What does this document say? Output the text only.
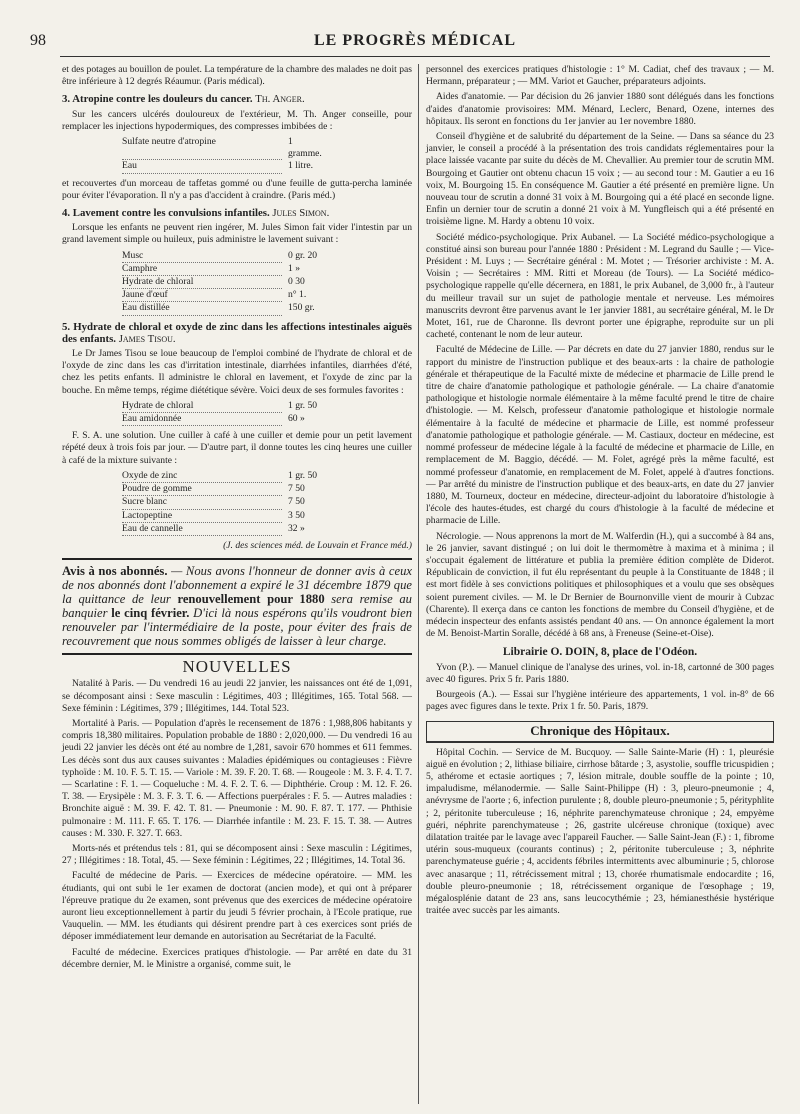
98	LE PROGRÈS MÉDICAL

et des potages au bouillon de poulet. La température de la chambre des malades ne doit pas être inférieure à 12 degrés Réaumur. (Paris médical).

3. Atropine contre les douleurs du cancer. Th. Anger.

Sur les cancers ulcérés douloureux de l'extérieur, M. Th. Anger conseille, pour remplacer les injections hypodermiques, des compresses imbibées de :

Sulfate neutre d'atropine	1 gramme.
Eau	1 litre.

et recouvertes d'un morceau de taffetas gommé ou d'une feuille de gutta-percha laminée pour éviter l'évaporation. Il n'y a pas d'accident à craindre. (Paris méd.)

4. Lavement contre les convulsions infantiles. Jules Simon.

Lorsque les enfants ne peuvent rien ingérer, M. Jules Simon fait vider l'intestin par un grand lavement simple ou huileux, puis administre le lavement suivant :

Musc	0 gr. 20
Camphre	1 »
Hydrate de chloral	0 30
Jaune d'œuf	n° 1.
Eau distillée	150 gr.
5. Hydrate de chloral et oxyde de zinc dans les affections intestinales aiguës des enfants. James Tisou.

Le Dr James Tisou se loue beaucoup de l'emploi combiné de l'hydrate de chloral et de l'oxyde de zinc dans les cas d'irritation intestinale, diarrhées infantiles, diarrhées d'été, chez les petits enfants. Il administre le chloral en lavement, et l'oxyde de zinc par la bouche. En même temps, régime diététique sévère. Voici deux de ses formules favorites :

Hydrate de chloral	1 gr. 50
Eau amidonnée	60 »

F. S. A. une solution. Une cuiller à café à une cuiller et demie pour un petit lavement répété deux à trois fois par jour. — D'autre part, il donne toutes les cinq heures une cuiller à café de la mixture suivante :

Oxyde de zinc	1 gr. 50
Poudre de gomme	7 50
Sucre blanc	7 50
Lactopeptine	3 50
Eau de cannelle	32 »
(J. des sciences méd. de Louvain et France méd.)
Avis à nos abonnés. — Nous avons l'honneur de donner avis à ceux de nos abonnés dont l'abonnement a expiré le 31 décembre 1879 que la quittance de leur renouvellement pour 1880 sera remise au banquier le cinq février. D'ici là nous espérons qu'ils voudront bien renouveler par l'intermédiaire de la poste, pour éviter des frais de recouvrement que nous sommes obligés de laisser à leur charge.
NOUVELLES

Natalité à Paris. — Du vendredi 16 au jeudi 22 janvier, les naissances ont été de 1,091, se décomposant ainsi : Sexe masculin : Légitimes, 403 ; Illégitimes, 165. Total 568. — Sexe féminin : Légitimes, 379 ; Illégitimes, 144. Total 523.

Mortalité à Paris. — Population d'après le recensement de 1876 : 1,988,806 habitants y compris 18,380 militaires. Population probable de 1880 : 2,020,000. — Du vendredi 16 au jeudi 22 janvier les décès ont été au nombre de 1,281, savoir 670 hommes et 611 femmes. Les décès sont dus aux causes suivantes : Maladies épidémiques ou contagieuses : Fièvre typhoïde : M. 10. F. 5. T. 15. — Variole : M. 39. F. 20. T. 68. — Rougeole : M. 3. F. 4. T. 7. — Scarlatine : F. 1. — Coqueluche : M. 4. F. 2. T. 6. — Diphthérie. Croup : M. 12. F. 26. T. 38. — Erysipèle : M. 3. F. 3. T. 6. — Affections puerpérales : F. 5. — Autres maladies : Bronchite aiguë : M. 39. F. 42. T. 81. — Pneumonie : M. 90. F. 87. T. 177. — Phthisie pulmonaire : M. 111. F. 65. T. 176. — Diarrhée infantile : M. 23. F. 15. T. 38. — Autres causes : M. 330. F. 327. T. 663.

Morts-nés et prétendus tels : 81, qui se décomposent ainsi : Sexe masculin : Légitimes, 27 ; Illégitimes : 18. Total, 45. — Sexe féminin : Légitimes, 22 ; Illégitimes, 14. Total 36.

Faculté de médecine de Paris. — Exercices de médecine opératoire. — MM. les étudiants, qui ont subi le 1er examen de doctorat (ancien mode), et qui ont à préparer l'épreuve pratique du 2e examen, sont prévenus que des exercices de médecine opératoire auront lieu exceptionnellement à partir du jeudi 5 février prochain, à l'Ecole pratique, rue Vauquelin. — MM. les étudiants qui désirent prendre part à ces exercices sont priés de déposer immédiatement leur demande en autorisation au Secrétariat de la Faculté.

Faculté de médecine. Exercices pratiques d'histologie. — Par arrêté en date du 31 décembre dernier, M. le Ministre a organisé, comme suit, le

personnel des exercices pratiques d'histologie : 1° M. Cadiat, chef des travaux ; — M. Hermann, préparateur ; — MM. Variot et Gaucher, préparateurs adjoints.

Aides d'anatomie. — Par décision du 26 janvier 1880 sont délégués dans les fonctions d'aides d'anatomie provisoires: MM. Ménard, Leclerc, Benard, Ozene, internes des hôpitaux. Ils seront en fonctions du 1er janvier au 1er novembre 1880.

Conseil d'hygiène et de salubrité du département de la Seine. — Dans sa séance du 23 janvier, le conseil a procédé à la présentation des trois candidats réglementaires pour la place laissée vacante par suite du décès de M. Chevallier. Au premier tour de scrutin MM. Bourgoing et Gautier ont obtenu chacun 15 voix ; — au second tour : M. Gautier a eu 16 voix, M. Bourgoing 15. En conséquence M. Gautier a été présenté en première ligne. Un nouveau tour de scrutin a donné 31 voix à M. Bourgoing qui a été placé en seconde ligne. Enfin un dernier tour de scrutin a donné 21 voix à M. Yungfleisch qui a été présenté en troisième ligne. M. Hardy a obtenu 10 voix.

Société médico-psychologique. Prix Aubanel. — La Société médico-psychologique a constitué ainsi son bureau pour l'année 1880 : Président : M. Legrand du Saulle ; — Vice-Président : M. Luys ; — Secrétaire général : M. Motet ; — Trésorier archiviste : M. A. Voisin ; — Secrétaires : MM. Ritti et Moreau (de Tours). — La Société médico-psychologique rappelle qu'elle décernera, en 1881, le prix Aubanel, de 3,000 fr., à l'auteur du meilleur travail sur un sujet de pathologie mentale et nerveuse. Les mémoires manuscrits devront être parvenus avant le 1er janvier 1881, au secrétaire général, M. le Dr Motet, 161, rue de Charonne. Ils devront porter une épigraphe, reproduite sur un pli cacheté, contenant le nom de leur auteur.

Faculté de Médecine de Lille. — Par décrets en date du 27 janvier 1880, rendus sur le rapport du ministre de l'instruction publique et des beaux-arts : la chaire de pathologie générale et thérapeutique de la Faculté mixte de médecine et pharmacie de Lille prend le titre de chaire d'anatomie pathologique et pathologie générale. — La chaire d'anatomie pathologique et histologie normale élémentaire à la même faculté prend le titre de chaire d'histologie. — M. Kelsch, professeur d'anatomie pathologique et histologie normale élémentaire à la faculté de médecine et pharmacie de Lille, est nommé professeur d'anatomie pathologique et pathologie générale. — M. Castiaux, docteur en médecine, est nommé professeur de médecine légale à la faculté de médecine et pharmacie de Lille, en remplacement de M. Baggio, décédé. — M. Folet, agrégé près la même faculté, est nommé professeur d'anatomie, en remplacement de M. Folet, appelé à d'autres fonctions. — Par arrêté du ministre de l'instruction publique et des beaux-arts, en date du 27 janvier 1880, M. Tourneux, docteur en médecine, directeur-adjoint du laboratoire d'histologie à l'école des hautes-études, est chargé du cours d'histologie à la faculté de médecine et pharmacie de Lille.

Nécrologie. — Nous apprenons la mort de M. Walferdin (H.), qui a succombé à 84 ans, le 26 janvier, savant distingué ; on lui doit le thermomètre à maxima et à minima ; il s'occupait également de littérature et publia la première édition complète de Diderot. Républicain de conviction, il fut élu représentant du peuple à la Constituante de 1848 ; il est mort fidèle à ses convictions politiques et philosophiques et a voulu que ses obsèques soient purement civiles. — M. le Dr Bernier de Bournonville vient de mourir à Cubzac (Charente). Il exerça dans ce canton les fonctions de membre du Conseil d'hygiène, et de médecin inspecteur des enfants assistés pendant 40 ans. — On annonce également la mort de M. Benoist-Martin Soralle, décédé à 68 ans, à Freneuse (Seine-et-Oise).

Librairie O. DOIN, 8, place de l'Odéon.

Yvon (P.). — Manuel clinique de l'analyse des urines, vol. in-18, cartonné de 300 pages avec 40 figures. Prix 5 fr. Paris 1880.

Bourgeois (A.). — Essai sur l'hygiène intérieure des appartements, 1 vol. in-8° de 66 pages avec figures dans le texte. Prix 1 fr. 50. Paris, 1879.

Chronique des Hôpitaux.

Hôpital Cochin. — Service de M. Bucquoy. — Salle Sainte-Marie (H) : 1, pleurésie aiguë en évolution ; 2, lithiase biliaire, cirrhose bâtarde ; 3, asystolie, souffle tricuspidien ; 5, athérome et ectasie aortiques ; 7, lésion mitrale, double souffle de la pointe ; 10, impaludisme, mélanodermie. — Salle Saint-Philippe (H) : 3, pleuro-pneumonie ; 4, anévrysme de l'aorte ; 6, infection purulente ; 8, double pleuro-pneumonie ; 5, pérityphlite ; 2, péritonite tuberculeuse ; 16, néphrite parenchymateuse chronique ; 24, empyème guéri, néphrite parenchymateuse ; 26, gastrite ulcéreuse chronique (toxique) avec dilatation traitée par le lavage avec l'appareil Faucher. — Salle Saint-Jean (F.) : 1, fibrome utérin sous-muqueux (courants continus) ; 2, péritonite tuberculeuse ; 3, néphrite parenchymateuse guérie ; 4, accidents fébriles intermittents avec albuminurie ; 5, chlorose avec anasarque ; 11, rétrécissement mitral ; 13, chorée rhumatismale endocardite ; 16, double pleuro-pneumonie ; 18, rétrécissement organique de l'œsophage ; 19, mégalosplénie datant de 23 ans, sans leucocythémie ; 23, hémianesthésie hystérique traitée avec succès par les aimants.
